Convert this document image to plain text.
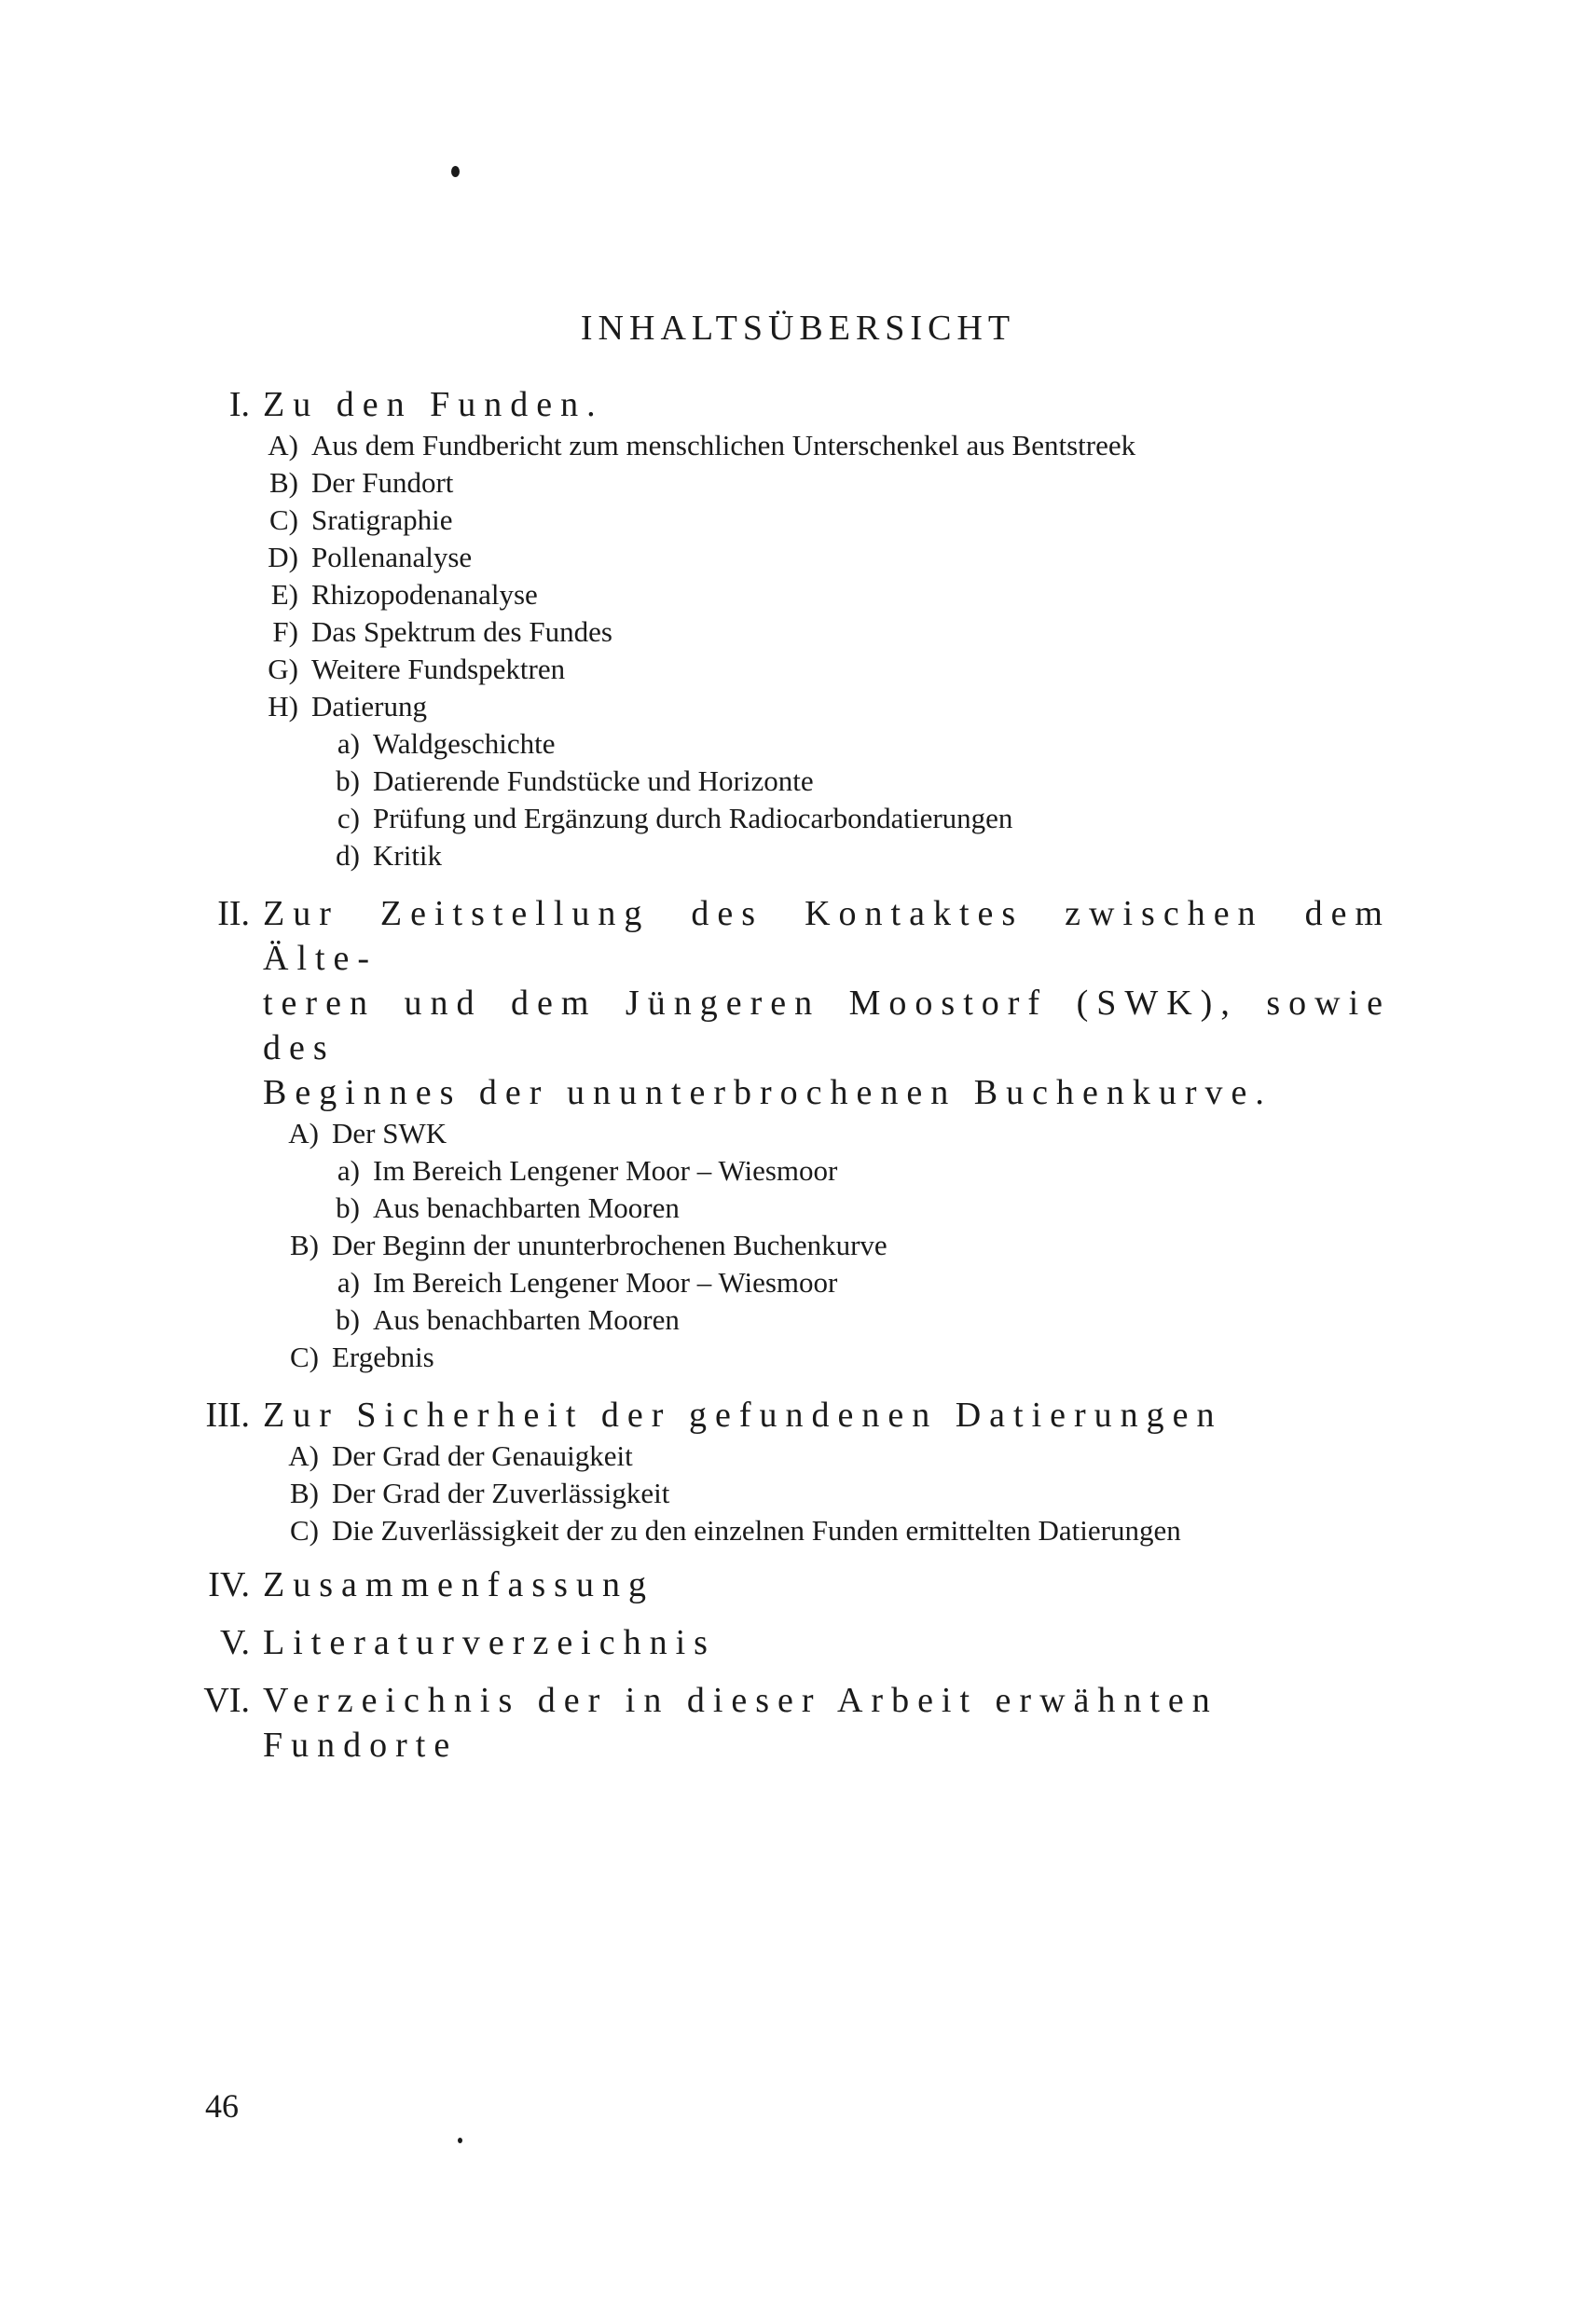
INHALTSÜBERSICHT
I. Zu den Funden.
A) Aus dem Fundbericht zum menschlichen Unterschenkel aus Bentstreek
B) Der Fundort
C) Sratigraphie
D) Pollenanalyse
E) Rhizopodenanalyse
F) Das Spektrum des Fundes
G) Weitere Fundspektren
H) Datierung
a) Waldgeschichte
b) Datierende Fundstücke und Horizonte
c) Prüfung und Ergänzung durch Radiocarbondatierungen
d) Kritik
II. Zur Zeitstellung des Kontaktes zwischen dem Älte-
teren und dem Jüngeren Moostorf (SWK), sowie des
Beginnes der ununterbrochenen Buchenkurve.
A) Der SWK
a) Im Bereich Lengener Moor – Wiesmoor
b) Aus benachbarten Mooren
B) Der Beginn der ununterbrochenen Buchenkurve
a) Im Bereich Lengener Moor – Wiesmoor
b) Aus benachbarten Mooren
C) Ergebnis
III. Zur Sicherheit der gefundenen Datierungen
A) Der Grad der Genauigkeit
B) Der Grad der Zuverlässigkeit
C) Die Zuverlässigkeit der zu den einzelnen Funden ermittelten Datierungen
IV. Zusammenfassung
V. Literaturverzeichnis
VI. Verzeichnis der in dieser Arbeit erwähnten Fundorte

46
